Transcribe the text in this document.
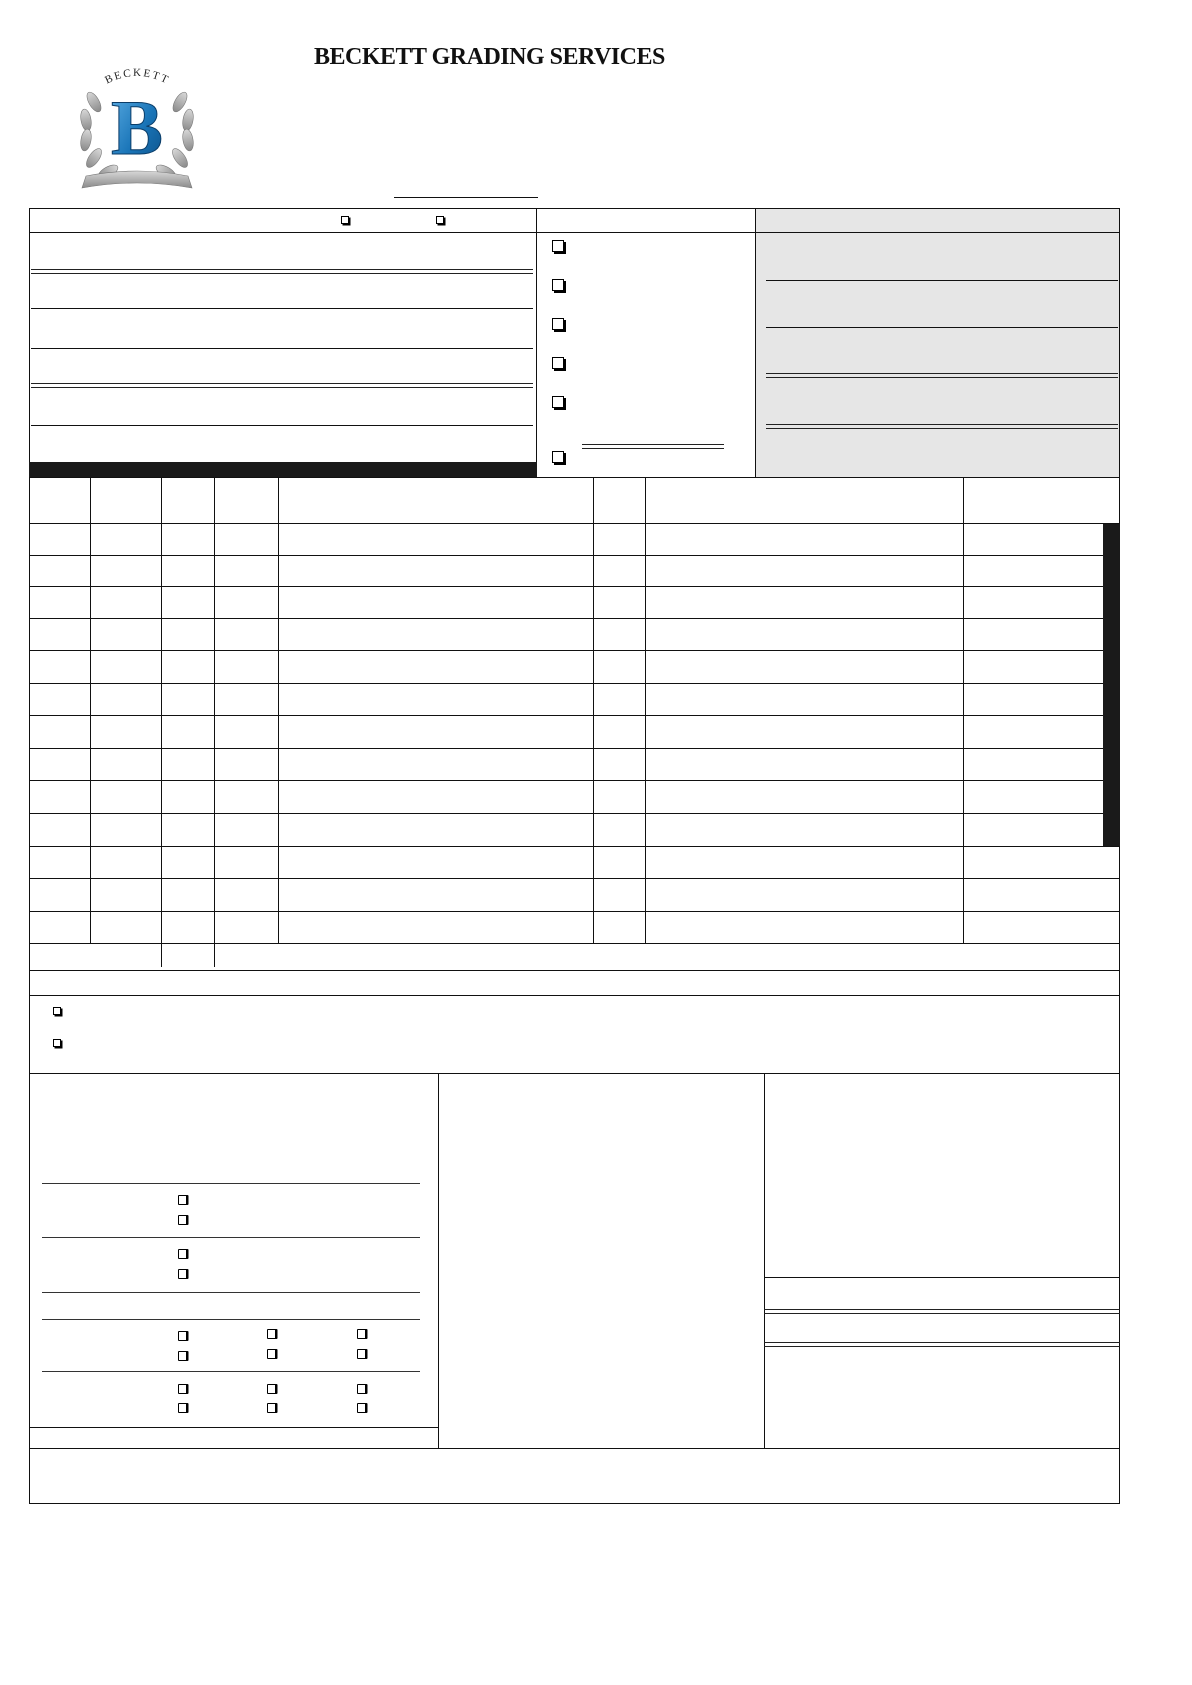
BECKETT
B
BECKETT GRADING SERVICES
